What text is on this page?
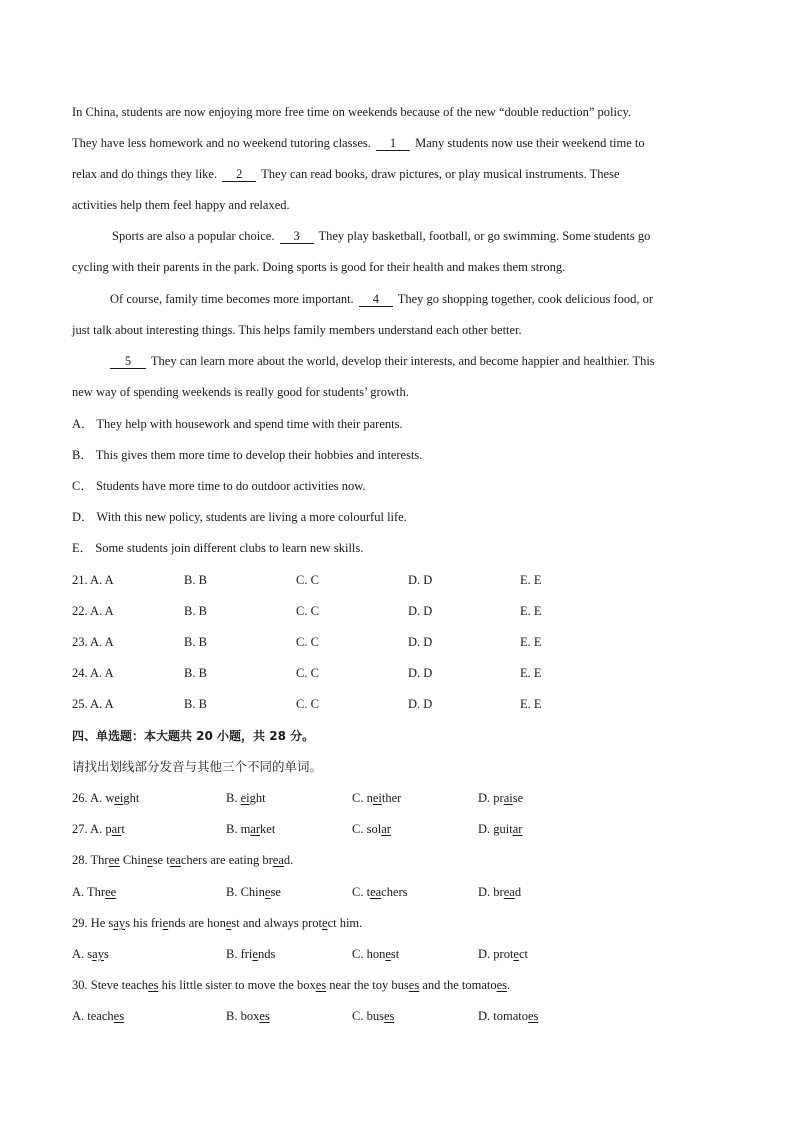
In China, students are now enjoying more free time on weekends because of the new “double reduction” policy.
They have less homework and no weekend tutoring classes. 1 Many students now use their weekend time to
relax and do things they like. 2 They can read books, draw pictures, or play musical instruments. These
activities help them feel happy and relaxed.
Sports are also a popular choice. 3 They play basketball, football, or go swimming. Some students go
cycling with their parents in the park. Doing sports is good for their health and makes them strong.
Of course, family time becomes more important. 4 They go shopping together, cook delicious food, or
just talk about interesting things. This helps family members understand each other better.
5 They can learn more about the world, develop their interests, and become happier and healthier. This
new way of spending weekends is really good for students’ growth.
A． They help with housework and spend time with their parents.
B． This gives them more time to develop their hobbies and interests.
C． Students have more time to do outdoor activities now.
D． With this new policy, students are living a more colourful life.
E． Some students join different clubs to learn new skills.
21. A. A	B. B	C. C	D. D	E. E
22. A. A	B. B	C. C	D. D	E. E
23. A. A	B. B	C. C	D. D	E. E
24. A. A	B. B	C. C	D. D	E. E
25. A. A	B. B	C. C	D. D	E. E
四、单选题：本大题共 20 小题，共 28 分。
请找出划线部分发音与其他三个不同的单词。
26. A. weight	B. eight	C. neither	D. praise
27. A. part	B. market	C. solar	D. guitar
28. Three Chinese teachers are eating bread.
A. Three	B. Chinese	C. teachers	D. bread
29. He says his friends are honest and always protect him.
A. says	B. friends	C. honest	D. protect
30. Steve teaches his little sister to move the boxes near the toy buses and the tomatoes.
A. teaches	B. boxes	C. buses	D. tomatoes
